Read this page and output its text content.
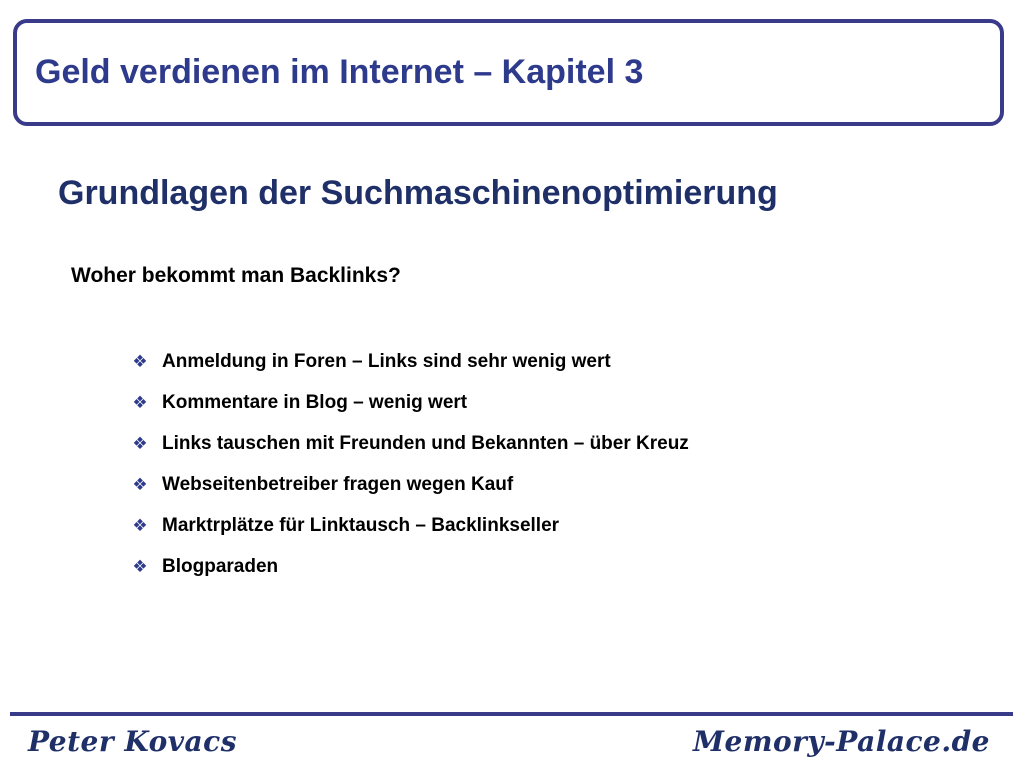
Geld verdienen im Internet – Kapitel 3
Grundlagen der Suchmaschinenoptimierung
Woher bekommt man Backlinks?
❖ Anmeldung in Foren – Links sind sehr wenig wert
❖ Kommentare in Blog – wenig wert
❖ Links tauschen mit Freunden und Bekannten – über Kreuz
❖ Webseitenbetreiber fragen wegen Kauf
❖ Marktrplätze für Linktausch – Backlinkseller
❖ Blogparaden
Peter Kovacs	Memory-Palace.de
